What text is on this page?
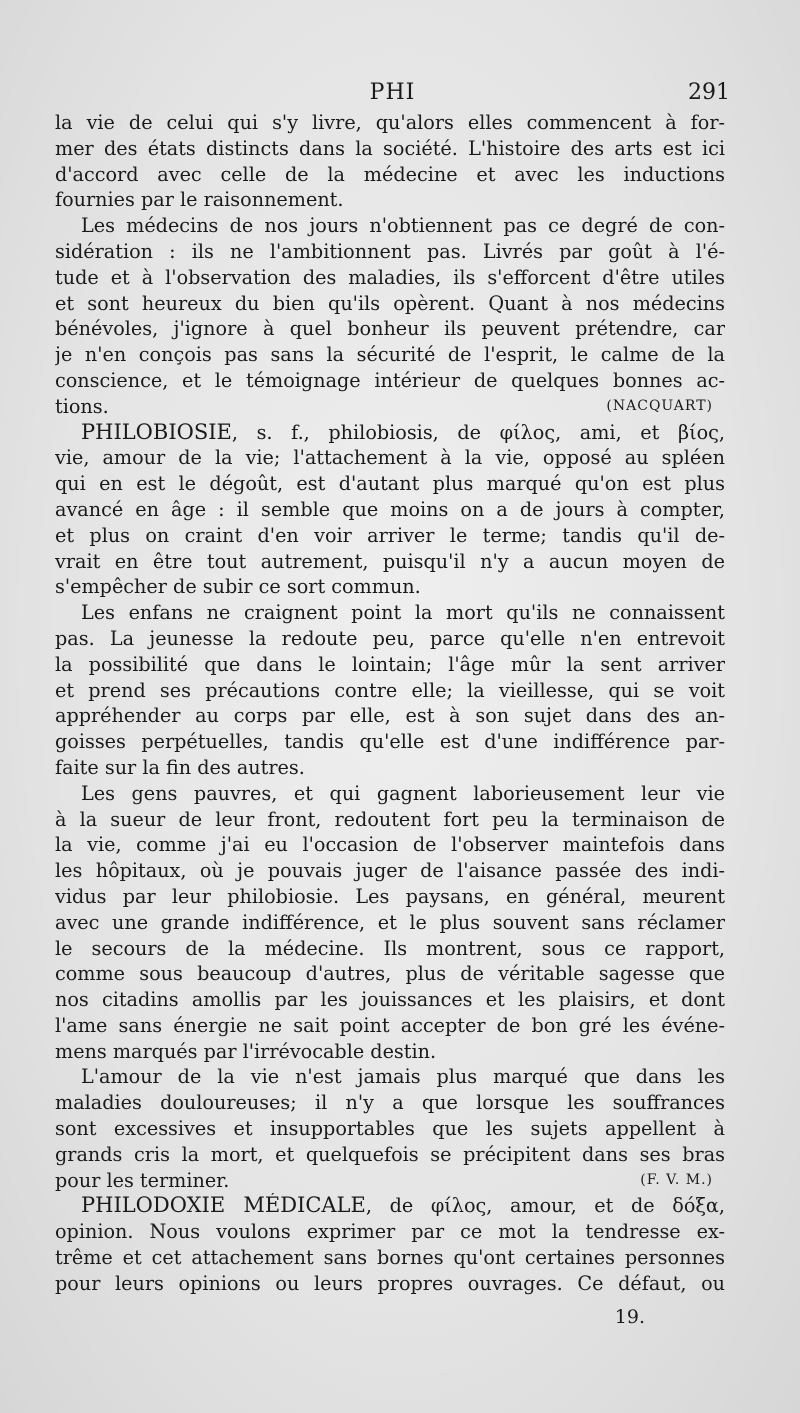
PHI	291
la vie de celui qui s'y livre, qu'alors elles commencent à for-
mer des états distincts dans la société. L'histoire des arts est ici
d'accord avec celle de la médecine et avec les inductions
fournies par le raisonnement.
Les médecins de nos jours n'obtiennent pas ce degré de con-
sidération : ils ne l'ambitionnent pas. Livrés par goût à l'é-
tude et à l'observation des maladies, ils s'efforcent d'être utiles
et sont heureux du bien qu'ils opèrent. Quant à nos médecins
bénévoles, j'ignore à quel bonheur ils peuvent prétendre, car
je n'en conçois pas sans la sécurité de l'esprit, le calme de la
conscience, et le témoignage intérieur de quelques bonnes ac-
tions.	(NACQUART)
PHILOBIOSIE, s. f., philobiosis, de φίλος, ami, et βίος,
vie, amour de la vie; l'attachement à la vie, opposé au spléen
qui en est le dégoût, est d'autant plus marqué qu'on est plus
avancé en âge : il semble que moins on a de jours à compter,
et plus on craint d'en voir arriver le terme; tandis qu'il de-
vrait en être tout autrement, puisqu'il n'y a aucun moyen de
s'empêcher de subir ce sort commun.
Les enfans ne craignent point la mort qu'ils ne connaissent
pas. La jeunesse la redoute peu, parce qu'elle n'en entrevoit
la possibilité que dans le lointain; l'âge mûr la sent arriver
et prend ses précautions contre elle; la vieillesse, qui se voit
appréhender au corps par elle, est à son sujet dans des an-
goisses perpétuelles, tandis qu'elle est d'une indifférence par-
faite sur la fin des autres.
Les gens pauvres, et qui gagnent laborieusement leur vie
à la sueur de leur front, redoutent fort peu la terminaison de
la vie, comme j'ai eu l'occasion de l'observer maintefois dans
les hôpitaux, où je pouvais juger de l'aisance passée des indi-
vidus par leur philobiosie. Les paysans, en général, meurent
avec une grande indifférence, et le plus souvent sans réclamer
le secours de la médecine. Ils montrent, sous ce rapport,
comme sous beaucoup d'autres, plus de véritable sagesse que
nos citadins amollis par les jouissances et les plaisirs, et dont
l'ame sans énergie ne sait point accepter de bon gré les événe-
mens marqués par l'irrévocable destin.
L'amour de la vie n'est jamais plus marqué que dans les
maladies douloureuses; il n'y a que lorsque les souffrances
sont excessives et insupportables que les sujets appellent à
grands cris la mort, et quelquefois se précipitent dans ses bras
pour les terminer.	(F. V. M.)
PHILODOXIE MÉDICALE, de φίλος, amour, et de δόξα,
opinion. Nous voulons exprimer par ce mot la tendresse ex-
trême et cet attachement sans bornes qu'ont certaines personnes
pour leurs opinions ou leurs propres ouvrages. Ce défaut, ou
19.
